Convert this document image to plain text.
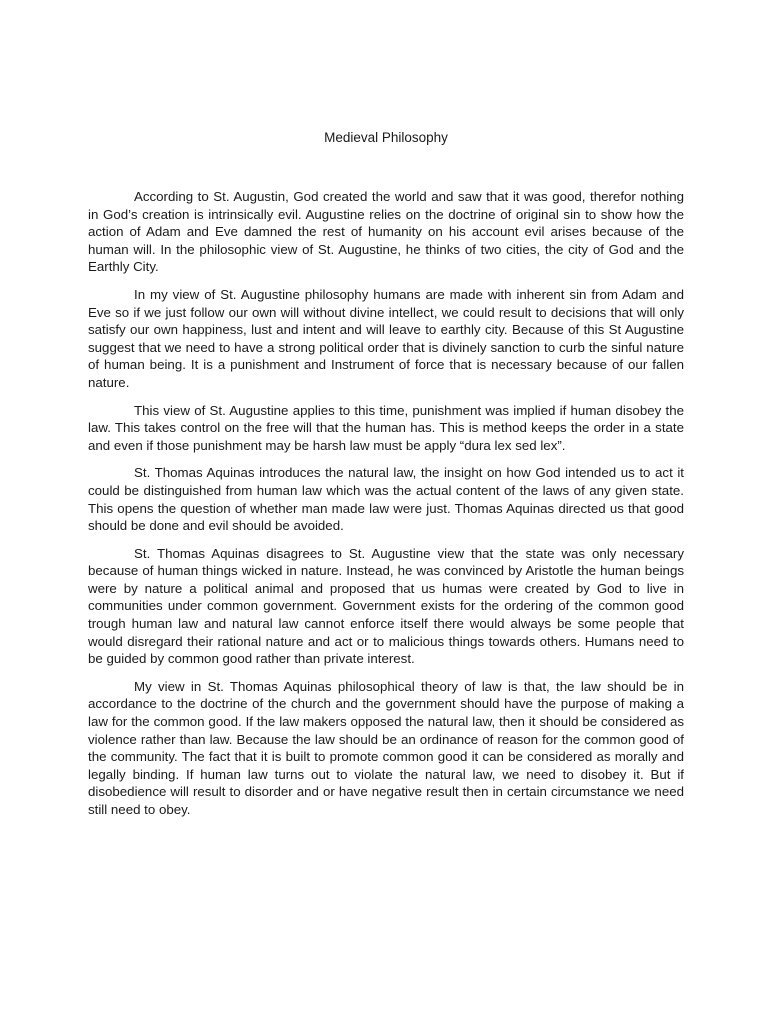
Medieval Philosophy

According to St. Augustin, God created the world and saw that it was good, therefor nothing in God’s creation is intrinsically evil. Augustine relies on the doctrine of original sin to show how the action of Adam and Eve damned the rest of humanity on his account evil arises because of the human will. In the philosophic view of St. Augustine, he thinks of two cities, the city of God and the Earthly City.

In my view of St. Augustine philosophy humans are made with inherent sin from Adam and Eve so if we just follow our own will without divine intellect, we could result to decisions that will only satisfy our own happiness, lust and intent and will leave to earthly city. Because of this St Augustine suggest that we need to have a strong political order that is divinely sanction to curb the sinful nature of human being. It is a punishment and Instrument of force that is necessary because of our fallen nature.

This view of St. Augustine applies to this time, punishment was implied if human disobey the law. This takes control on the free will that the human has. This is method keeps the order in a state and even if those punishment may be harsh law must be apply “dura lex sed lex”.

St. Thomas Aquinas introduces the natural law, the insight on how God intended us to act it could be distinguished from human law which was the actual content of the laws of any given state. This opens the question of whether man made law were just. Thomas Aquinas directed us that good should be done and evil should be avoided.

St. Thomas Aquinas disagrees to St. Augustine view that the state was only necessary because of human things wicked in nature. Instead, he was convinced by Aristotle the human beings were by nature a political animal and proposed that us humas were created by God to live in communities under common government. Government exists for the ordering of the common good trough human law and natural law cannot enforce itself there would always be some people that would disregard their rational nature and act or to malicious things towards others. Humans need to be guided by common good rather than private interest.

My view in St. Thomas Aquinas philosophical theory of law is that, the law should be in accordance to the doctrine of the church and the government should have the purpose of making a law for the common good. If the law makers opposed the natural law, then it should be considered as violence rather than law. Because the law should be an ordinance of reason for the common good of the community. The fact that it is built to promote common good it can be considered as morally and legally binding. If human law turns out to violate the natural law, we need to disobey it. But if disobedience will result to disorder and or have negative result then in certain circumstance we need still need to obey.
